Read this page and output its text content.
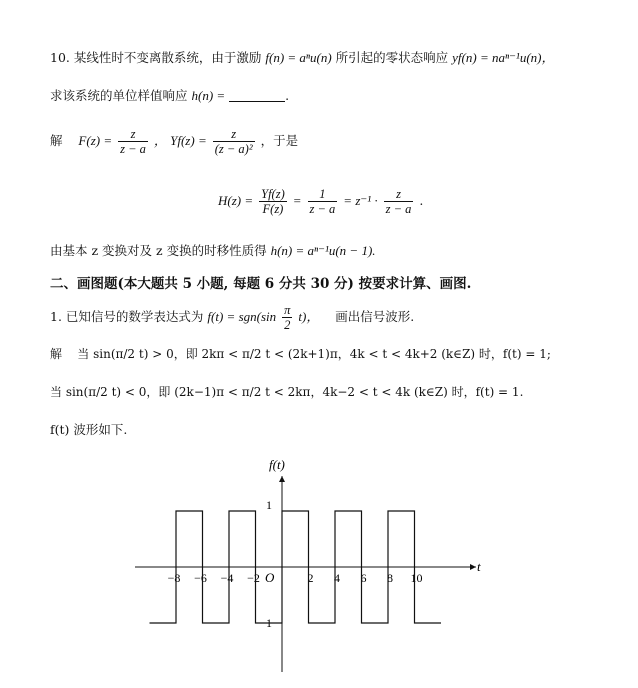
10. 某线性时不变离散系统，由于激励 f(n) = aⁿu(n) 所引起的零状态响应 yf(n) = naⁿ⁻¹u(n)，
求该系统的单位样值响应 h(n) =	.
解 $F(z) = \frac{z}{z - a}$ ， $Yf(z) = \frac{z}{\text{(z − a)²}}$ ，于是
$H(z) = \frac{Yf(z)}{F(z)} = \frac{1}{z - a} = z^{-1} \cdot \frac{z}{z - a}$ .
由基本 z 变换对及 z 变换的时移性质得 h(n) = aⁿ⁻¹u(n − 1).
二、画图题(本大题共 5 小题, 每题 6 分共 30 分) 按要求计算、画图.
1. 已知信号的数学表达式为 $f(t) = sgn(\sin \frac{\pi}{2} t)$， 画出信号波形.
解 当 sin(π/2 t) > 0，即 2kπ < π/2 t < (2k+1)π，4k < t < 4k+2 (k∈Z) 时，f(t) = 1;
当 sin(π/2 t) < 0，即 (2k−1)π < π/2 t < 2kπ，4k−2 < t < 4k (k∈Z) 时，f(t) = 1.
f(t) 波形如下.
f(t)
t
O
−8 −6 −4 −2	2 4 6 8 10
1
−1
